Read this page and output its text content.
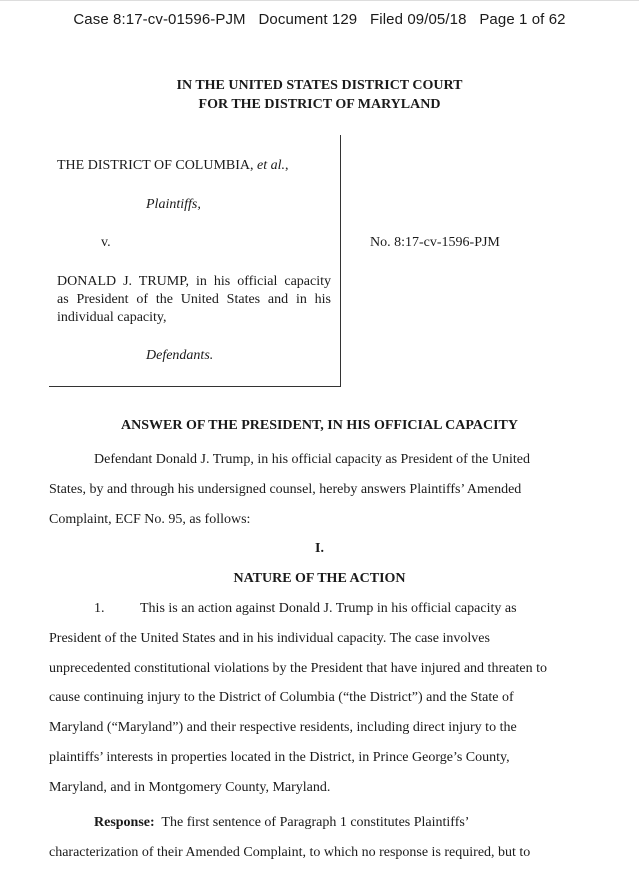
Case 8:17-cv-01596-PJM Document 129 Filed 09/05/18 Page 1 of 62
IN THE UNITED STATES DISTRICT COURT
FOR THE DISTRICT OF MARYLAND
THE DISTRICT OF COLUMBIA, et al.,
Plaintiffs,
v.	No. 8:17-cv-1596-PJM
DONALD J. TRUMP, in his official capacity
as President of the United States and in his
individual capacity,
Defendants.
ANSWER OF THE PRESIDENT, IN HIS OFFICIAL CAPACITY
Defendant Donald J. Trump, in his official capacity as President of the United
States, by and through his undersigned counsel, hereby answers Plaintiffs’ Amended
Complaint, ECF No. 95, as follows:
I.
NATURE OF THE ACTION
1.	This is an action against Donald J. Trump in his official capacity as
President of the United States and in his individual capacity. The case involves
unprecedented constitutional violations by the President that have injured and threaten to
cause continuing injury to the District of Columbia (“the District”) and the State of
Maryland (“Maryland”) and their respective residents, including direct injury to the
plaintiffs’ interests in properties located in the District, in Prince George’s County,
Maryland, and in Montgomery County, Maryland.
Response: The first sentence of Paragraph 1 constitutes Plaintiffs’
characterization of their Amended Complaint, to which no response is required, but to
